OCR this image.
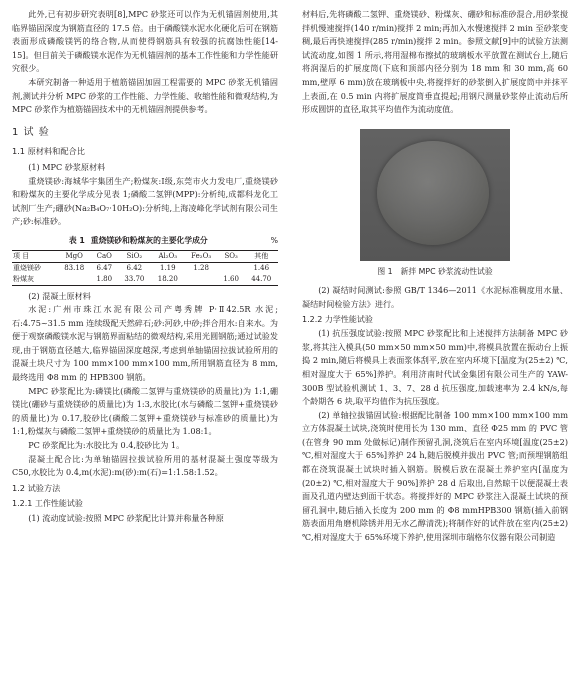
此外,已有初步研究表明[8],MPC 砂浆还可以作为无机锚固剂使用,其临界锚固深度为钢筋直径的 17.5 倍。由于磷酸镁水泥水化硬化后可在钢筋表面形成磷酸镁钙的络合物,从而使得钢筋具有较强的抗腐蚀性能[14-15]。但目前关于磷酸镁水泥作为无机锚固剂的基本工作性能和力学性能研究很少。

本研究制备一种适用于植筋锚固加固工程需要的 MPC 砂浆无机锚固剂,测试并分析 MPC 砂浆的工作性能、力学性能、收缩性能和微观结构,为 MPC 砂浆作为植筋锚固技术中的无机锚固剂提供参考。

1 试 验
1.1 原材料和配合比

(1) MPC 砂浆原材料

重烧镁砂:海城华宇集团生产;粉煤灰:Ⅰ级,东莞市火力发电厂,重烧镁砂和粉煤灰的主要化学成分见表 1;磷酸二氢钾(MPP):分析纯,成都科龙化工试剂厂生产;硼砂(Na₂B₄O₇·10H₂O):分析纯,上海凌峰化学试剂有限公司生产;砂:标准砂。

表 1 重烧镁砂和粉煤灰的主要化学成分	%
项 目	MgO	CaO	SiO₂	Al₂O₃	Fe₂O₃	SO₃	其他
重烧镁砂	83.18	6.47	6.42	1.19	1.28		1.46
粉煤灰		1.80	33.70	18.20		1.60	44.70

(2) 混凝土原材料

水泥:广州市珠江水泥有限公司产粤秀牌 P·Ⅱ42.5R 水泥;石:4.75~31.5 mm 连续级配天然碎石;砂:河砂,中砂;拌合用水:自来水。为便于观察磷酸镁水泥与钢筋界面粘结的微观结构,采用光圆钢筋;通过试验发现,由于钢筋直径越大,临界锚固深度越深,考虑到单轴锚固拉拔试验所用的混凝土块尺寸为 100 mm×100 mm×100 mm,所用钢筋直径为 8 mm,最终选用 Φ8 mm 的 HPB300 钢筋。

MPC 砂浆配比为:磷镁比(磷酸二氢钾与重烧镁砂的质量比)为 1:1,硼镁比(硼砂与重烧镁砂的质量比)为 1:3,水胶比(水与磷酸二氢钾+重烧镁砂的质量比)为 0.17,胶砂比(磷酸二氢钾+重烧镁砂与标准砂的质量比)为 1:1,粉煤灰与磷酸二氢钾+重烧镁砂的质量比为 1.08:1。

PC 砂浆配比为:水胶比为 0.4,胶砂比为 1。

混凝土配合比:为单轴锚固拉拔试验所用的基材混凝土强度等级为 C50,水胶比为 0.4,m(水泥):m(砂):m(石)=1:1.58:1.52。

1.2 试验方法
1.2.1 工作性能试验

(1) 流动度试验:按照 MPC 砂浆配比计算并称量各种原

材料后,先将磷酸二氢钾、重烧镁砂、粉煤灰、硼砂和标准砂混合,用砂浆搅拌机慢速搅拌(140 r/min)搅拌 2 min;再加入水慢速搅拌 2 min 至砂浆变稠,最后再快速搅拌(285 r/min)搅拌 2 min。参照文献[9]中的试验方法测试流动度,如图 1 所示,将用湿棉布擦拭的玻璃板水平放置在测试台上,随后将润湿后的扩展度筒(下底和顶部内径分别为 18 mm 和 30 mm,高 60 mm,壁厚 6 mm)放在玻璃板中央,将搅拌好的砂浆倒入扩展度筒中并抹平上表面,在 0.5 min 内将扩展度筒垂直提起;用钢尺测量砂浆停止流动后所形成圆饼的直径,取其平均值作为流动度值。

图 1 新拌 MPC 砂浆流动性试验

(2) 凝结时间测试:参照 GB/T 1346—2011《水泥标准稠度用水量、凝结时间检验方法》进行。

1.2.2 力学性能试验

(1) 抗压强度试验:按照 MPC 砂浆配比和上述搅拌方法制备 MPC 砂浆,将其注入模具(50 mm×50 mm×50 mm)中,将模具放置在振动台上振捣 2 min,随后将模具上表面浆体刮平,放在室内环境下[温度为(25±2) ℃,相对湿度大于 65%]养护。利用济南时代试金集团有限公司生产的 YAW-300B 型试验机测试 1、3、7、28 d 抗压强度,加载速率为 2.4 kN/s,每个龄期各 6 块,取平均值作为抗压强度。

(2) 单轴拉拔锚固试验:根据配比制备 100 mm×100 mm×100 mm 立方体混凝土试块,浇筑时使用长为 130 mm、直径 Φ25 mm 的 PVC 管(在管身 90 mm 处做标记)制作预留孔洞,浇筑后在室内环境[温度(25±2) ℃,相对湿度大于 65%]养护 24 h,随后脱模并拔出 PVC 管;而预埋钢筋组都在浇筑混凝土试块时插入钢筋。脱模后放在混凝土养护室内[温度为(20±2) ℃,相对湿度大于 90%]养护 28 d 后取出,自然晾干以便混凝土表面及孔道内壁达到面干状态。将搅拌好的 MPC 砂浆注入混凝土试块的预留孔洞中,随后插入长度为 200 mm 的 Φ8 mmHPB300 钢筋(插入前钢筋表面用角磨机除锈并用无水乙醇清洗);将制作好的试件放在室内(25±2) ℃,相对湿度大于 65%环境下养护,使用深圳市瑞格尔仪器有限公司制造
